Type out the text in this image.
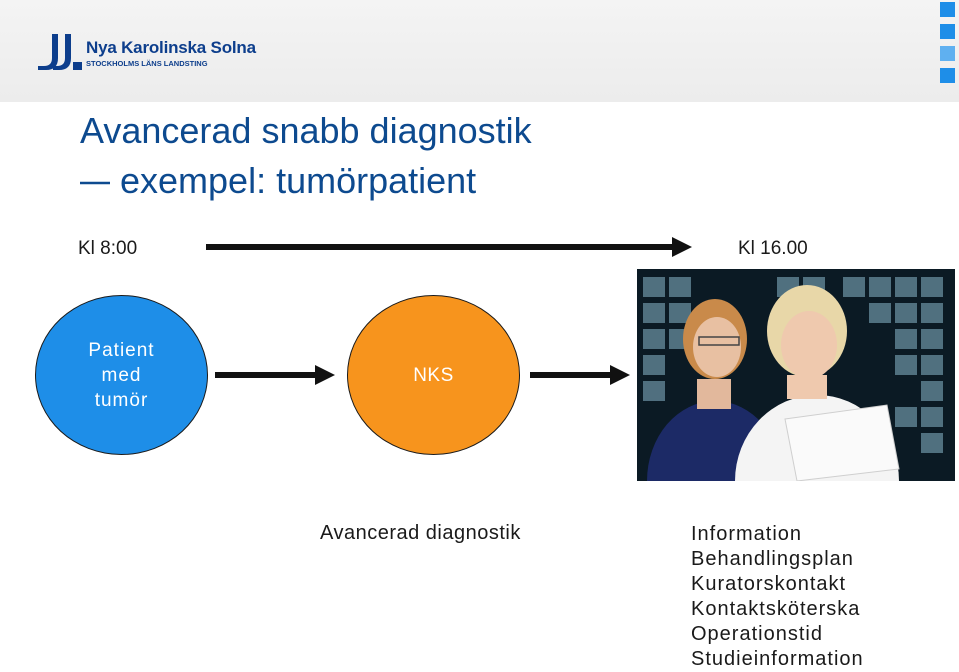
Nya Karolinska Solna
STOCKHOLMS LÄNS LANDSTING
Avancerad snabb diagnostik
exempel: tumörpatient
Kl 8:00	Kl 16.00
Patient
med
tumör
NKS
Avancerad diagnostik	Information
Behandlingsplan
Kuratorskontakt
Kontaktsköterska
Operationstid
Studieinformation
